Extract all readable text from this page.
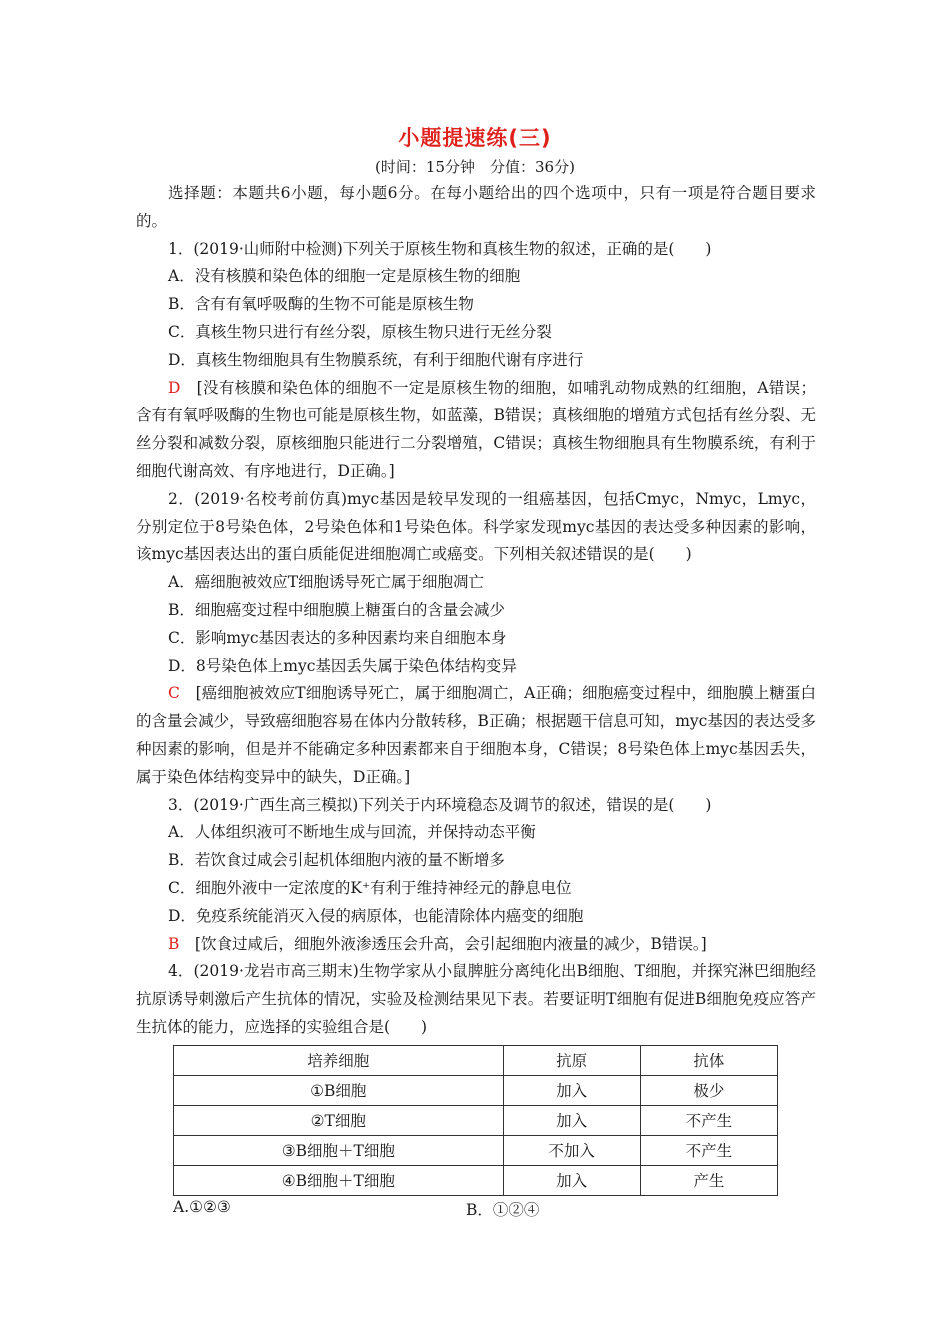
小题提速练(三)
(时间：15分钟　分值：36分)

选择题：本题共6小题，每小题6分。在每小题给出的四个选项中，只有一项是符合题目要求的。

1．(2019·山师附中检测)下列关于原核生物和真核生物的叙述，正确的是(　　)

A．没有核膜和染色体的细胞一定是原核生物的细胞

B．含有有氧呼吸酶的生物不可能是原核生物

C．真核生物只进行有丝分裂，原核生物只进行无丝分裂

D．真核生物细胞具有生物膜系统，有利于细胞代谢有序进行

D　 [没有核膜和染色体的细胞不一定是原核生物的细胞，如哺乳动物成熟的红细胞，A错误；含有有氧呼吸酶的生物也可能是原核生物，如蓝藻，B错误；真核细胞的增殖方式包括有丝分裂、无丝分裂和减数分裂，原核细胞只能进行二分裂增殖，C错误；真核生物细胞具有生物膜系统，有利于细胞代谢高效、有序地进行，D正确。]

2．(2019·名校考前仿真)myc基因是较早发现的一组癌基因，包括Cmyc，Nmyc，Lmyc，分别定位于8号染色体，2号染色体和1号染色体。科学家发现myc基因的表达受多种因素的影响，该myc基因表达出的蛋白质能促进细胞凋亡或癌变。下列相关叙述错误的是(　　)

A．癌细胞被效应T细胞诱导死亡属于细胞凋亡

B．细胞癌变过程中细胞膜上糖蛋白的含量会减少

C．影响myc基因表达的多种因素均来自细胞本身

D．8号染色体上myc基因丢失属于染色体结构变异

C　 [癌细胞被效应T细胞诱导死亡，属于细胞凋亡，A正确；细胞癌变过程中，细胞膜上糖蛋白的含量会减少，导致癌细胞容易在体内分散转移，B正确；根据题干信息可知，myc基因的表达受多种因素的影响，但是并不能确定多种因素都来自于细胞本身，C错误；8号染色体上myc基因丢失，属于染色体结构变异中的缺失，D正确。]

3．(2019·广西生高三模拟)下列关于内环境稳态及调节的叙述，错误的是(　　)

A．人体组织液可不断地生成与回流，并保持动态平衡

B．若饮食过咸会引起机体细胞内液的量不断增多

C．细胞外液中一定浓度的K⁺有利于维持神经元的静息电位

D．免疫系统能消灭入侵的病原体，也能清除体内癌变的细胞

B　 [饮食过咸后，细胞外液渗透压会升高，会引起细胞内液量的减少，B错误。]

4．(2019·龙岩市高三期末)生物学家从小鼠脾脏分离纯化出B细胞、T细胞，并探究淋巴细胞经抗原诱导刺激后产生抗体的情况，实验及检测结果见下表。若要证明T细胞有促进B细胞免疫应答产生抗体的能力，应选择的实验组合是(　　)

培养细胞	抗原	抗体
①B细胞	加入	极少
②T细胞	加入	不产生
③B细胞＋T细胞	不加入	不产生
④B细胞＋T细胞	加入	产生
A.①②③	B．①②④
